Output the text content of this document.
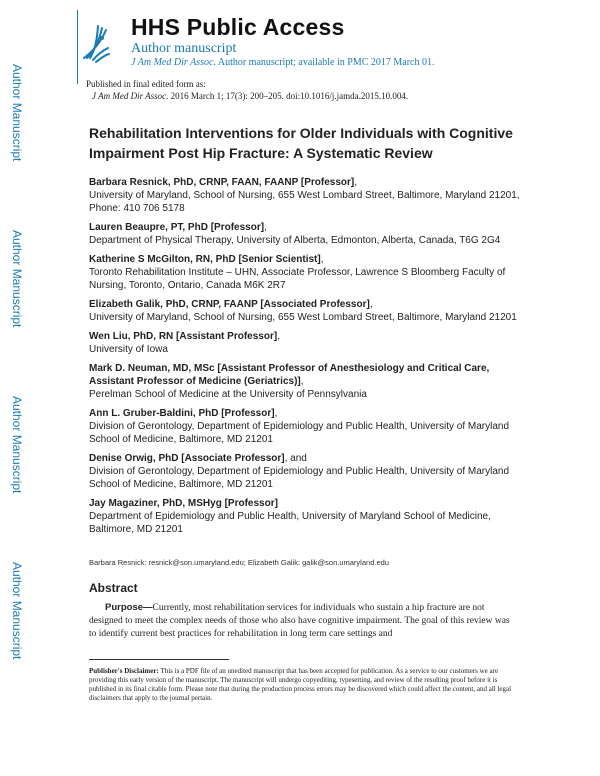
Author Manuscript
Author Manuscript
Author Manuscript
Author Manuscript
HHS Public Access
Author manuscript
J Am Med Dir Assoc. Author manuscript; available in PMC 2017 March 01.
Published in final edited form as:
J Am Med Dir Assoc. 2016 March 1; 17(3): 200–205. doi:10.1016/j.jamda.2015.10.004.
Rehabilitation Interventions for Older Individuals with Cognitive Impairment Post Hip Fracture: A Systematic Review
Barbara Resnick, PhD, CRNP, FAAN, FAANP [Professor],
University of Maryland, School of Nursing, 655 West Lombard Street, Baltimore, Maryland 21201, Phone: 410 706 5178
Lauren Beaupre, PT, PhD [Professor],
Department of Physical Therapy, University of Alberta, Edmonton, Alberta, Canada, T6G 2G4
Katherine S McGilton, RN, PhD [Senior Scientist],
Toronto Rehabilitation Institute – UHN, Associate Professor, Lawrence S Bloomberg Faculty of Nursing, Toronto, Ontario, Canada M6K 2R7
Elizabeth Galik, PhD, CRNP, FAANP [Associated Professor],
University of Maryland, School of Nursing, 655 West Lombard Street, Baltimore, Maryland 21201
Wen Liu, PhD, RN [Assistant Professor],
University of Iowa
Mark D. Neuman, MD, MSc [Assistant Professor of Anesthesiology and Critical Care, Assistant Professor of Medicine (Geriatrics)],
Perelman School of Medicine at the University of Pennsylvania
Ann L. Gruber-Baldini, PhD [Professor],
Division of Gerontology, Department of Epidemiology and Public Health, University of Maryland School of Medicine, Baltimore, MD 21201
Denise Orwig, PhD [Associate Professor], and
Division of Gerontology, Department of Epidemiology and Public Health, University of Maryland School of Medicine, Baltimore, MD 21201
Jay Magaziner, PhD, MSHyg [Professor]
Department of Epidemiology and Public Health, University of Maryland School of Medicine, Baltimore, MD 21201
Barbara Resnick: resnick@son.umaryland.edu; Elizabeth Galik: galik@son.umaryland.edu
Abstract
Purpose—Currently, most rehabilitation services for individuals who sustain a hip fracture are not designed to meet the complex needs of those who also have cognitive impairment. The goal of this review was to identify current best practices for rehabilitation in long term care settings and
Publisher's Disclaimer: This is a PDF file of an unedited manuscript that has been accepted for publication. As a service to our customers we are providing this early version of the manuscript. The manuscript will undergo copyediting, typesetting, and review of the resulting proof before it is published in its final citable form. Please note that during the production process errors may be discovered which could affect the content, and all legal disclaimers that apply to the journal pertain.
